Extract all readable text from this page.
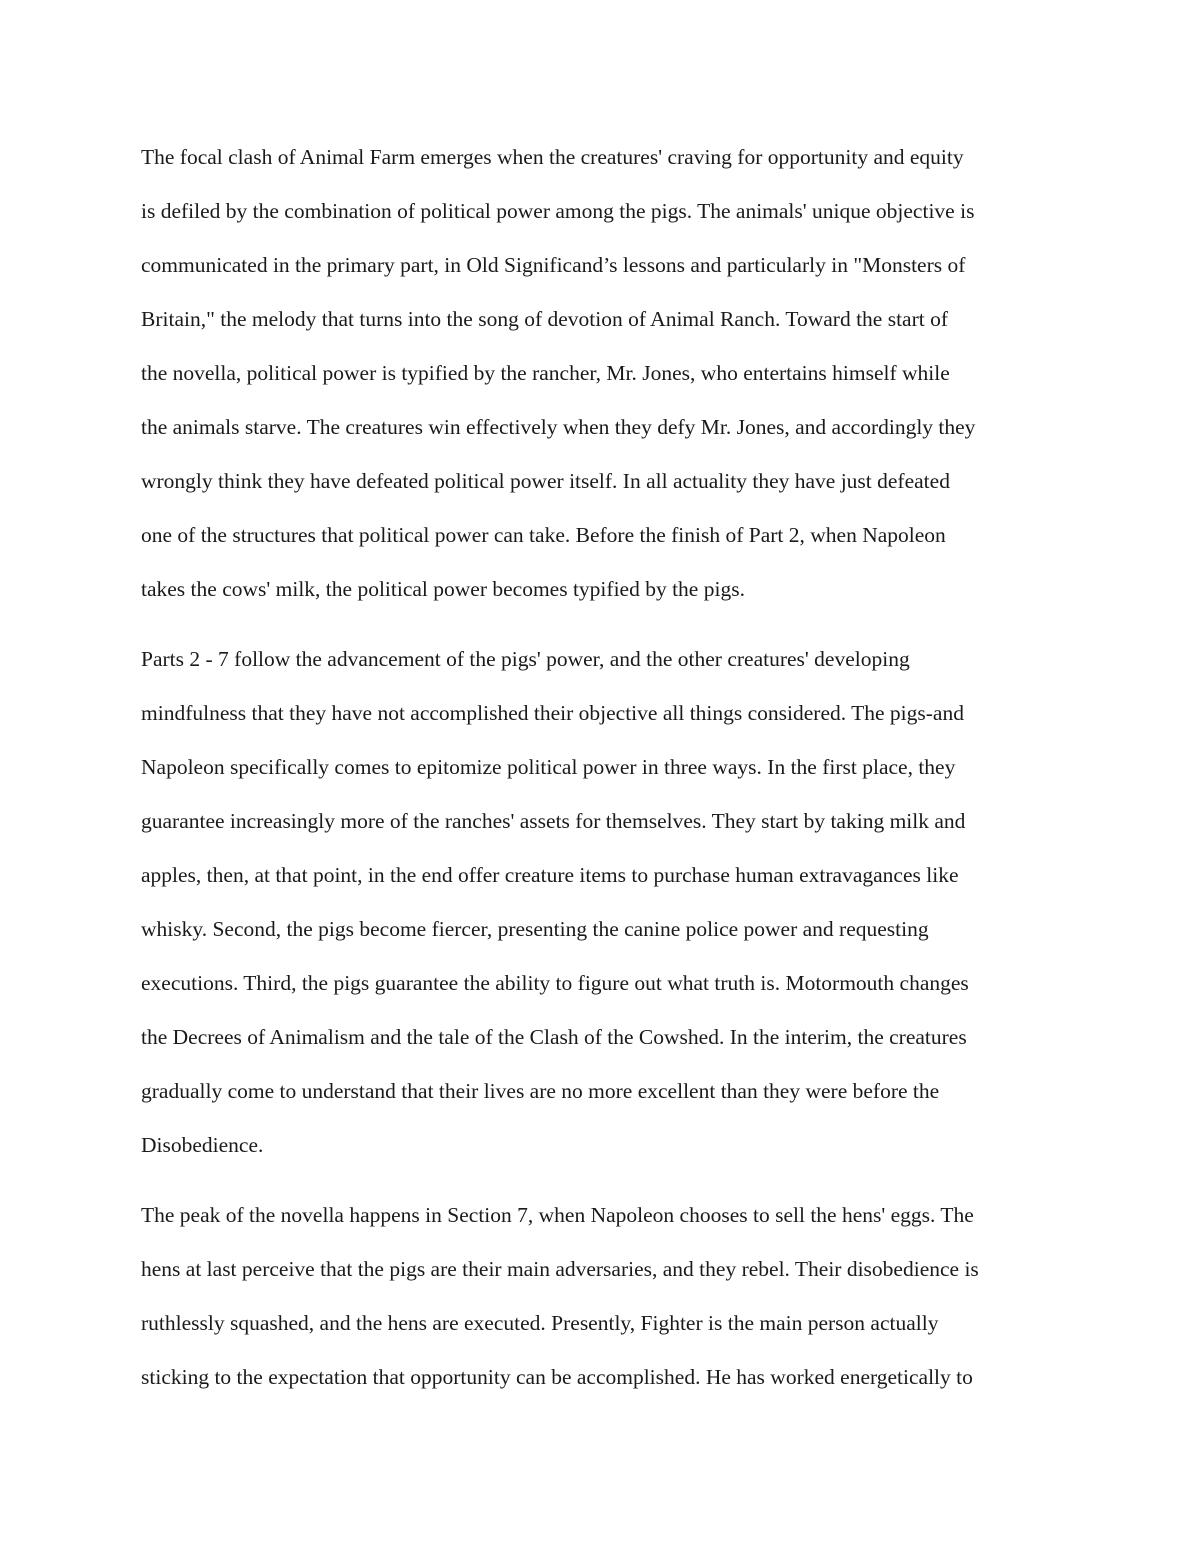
The focal clash of Animal Farm emerges when the creatures' craving for opportunity and equity
is defiled by the combination of political power among the pigs. The animals' unique objective is
communicated in the primary part, in Old Significand’s lessons and particularly in "Monsters of
Britain," the melody that turns into the song of devotion of Animal Ranch. Toward the start of
the novella, political power is typified by the rancher, Mr. Jones, who entertains himself while
the animals starve. The creatures win effectively when they defy Mr. Jones, and accordingly they
wrongly think they have defeated political power itself. In all actuality they have just defeated
one of the structures that political power can take. Before the finish of Part 2, when Napoleon
takes the cows' milk, the political power becomes typified by the pigs.

Parts 2 - 7 follow the advancement of the pigs' power, and the other creatures' developing
mindfulness that they have not accomplished their objective all things considered. The pigs-and
Napoleon specifically comes to epitomize political power in three ways. In the first place, they
guarantee increasingly more of the ranches' assets for themselves. They start by taking milk and
apples, then, at that point, in the end offer creature items to purchase human extravagances like
whisky. Second, the pigs become fiercer, presenting the canine police power and requesting
executions. Third, the pigs guarantee the ability to figure out what truth is. Motormouth changes
the Decrees of Animalism and the tale of the Clash of the Cowshed. In the interim, the creatures
gradually come to understand that their lives are no more excellent than they were before the
Disobedience.

The peak of the novella happens in Section 7, when Napoleon chooses to sell the hens' eggs. The
hens at last perceive that the pigs are their main adversaries, and they rebel. Their disobedience is
ruthlessly squashed, and the hens are executed. Presently, Fighter is the main person actually
sticking to the expectation that opportunity can be accomplished. He has worked energetically to
